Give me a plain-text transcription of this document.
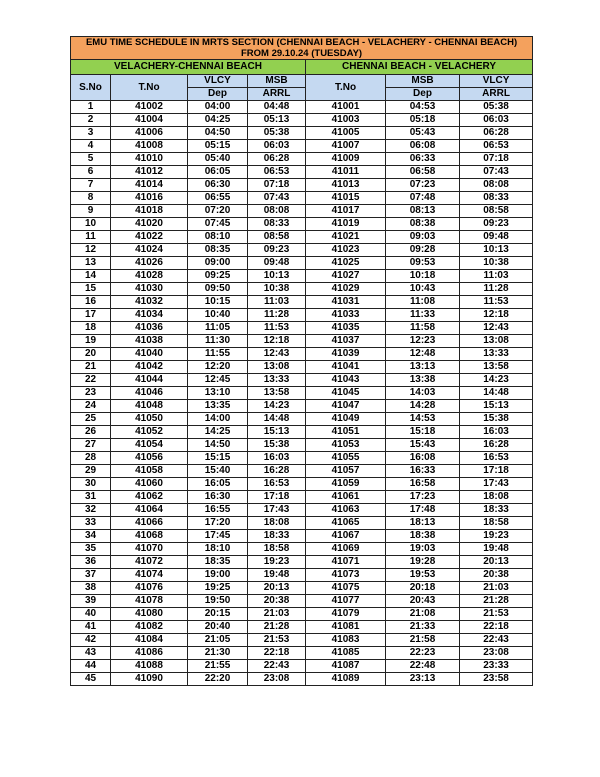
EMU TIME SCHEDULE IN MRTS SECTION (CHENNAI BEACH - VELACHERY - CHENNAI BEACH) FROM 29.10.24 (TUESDAY)						
VELACHERY-CHENNAI BEACH				CHENNAI BEACH - VELACHERY		
S.No	T.No	VLCY	MSB	T.No	MSB	VLCY
		Dep	ARRL		Dep	ARRL
1	41002	04:00	04:48	41001	04:53	05:38
2	41004	04:25	05:13	41003	05:18	06:03
3	41006	04:50	05:38	41005	05:43	06:28
4	41008	05:15	06:03	41007	06:08	06:53
5	41010	05:40	06:28	41009	06:33	07:18
6	41012	06:05	06:53	41011	06:58	07:43
7	41014	06:30	07:18	41013	07:23	08:08
8	41016	06:55	07:43	41015	07:48	08:33
9	41018	07:20	08:08	41017	08:13	08:58
10	41020	07:45	08:33	41019	08:38	09:23
11	41022	08:10	08:58	41021	09:03	09:48
12	41024	08:35	09:23	41023	09:28	10:13
13	41026	09:00	09:48	41025	09:53	10:38
14	41028	09:25	10:13	41027	10:18	11:03
15	41030	09:50	10:38	41029	10:43	11:28
16	41032	10:15	11:03	41031	11:08	11:53
17	41034	10:40	11:28	41033	11:33	12:18
18	41036	11:05	11:53	41035	11:58	12:43
19	41038	11:30	12:18	41037	12:23	13:08
20	41040	11:55	12:43	41039	12:48	13:33
21	41042	12:20	13:08	41041	13:13	13:58
22	41044	12:45	13:33	41043	13:38	14:23
23	41046	13:10	13:58	41045	14:03	14:48
24	41048	13:35	14:23	41047	14:28	15:13
25	41050	14:00	14:48	41049	14:53	15:38
26	41052	14:25	15:13	41051	15:18	16:03
27	41054	14:50	15:38	41053	15:43	16:28
28	41056	15:15	16:03	41055	16:08	16:53
29	41058	15:40	16:28	41057	16:33	17:18
30	41060	16:05	16:53	41059	16:58	17:43
31	41062	16:30	17:18	41061	17:23	18:08
32	41064	16:55	17:43	41063	17:48	18:33
33	41066	17:20	18:08	41065	18:13	18:58
34	41068	17:45	18:33	41067	18:38	19:23
35	41070	18:10	18:58	41069	19:03	19:48
36	41072	18:35	19:23	41071	19:28	20:13
37	41074	19:00	19:48	41073	19:53	20:38
38	41076	19:25	20:13	41075	20:18	21:03
39	41078	19:50	20:38	41077	20:43	21:28
40	41080	20:15	21:03	41079	21:08	21:53
41	41082	20:40	21:28	41081	21:33	22:18
42	41084	21:05	21:53	41083	21:58	22:43
43	41086	21:30	22:18	41085	22:23	23:08
44	41088	21:55	22:43	41087	22:48	23:33
45	41090	22:20	23:08	41089	23:13	23:58
